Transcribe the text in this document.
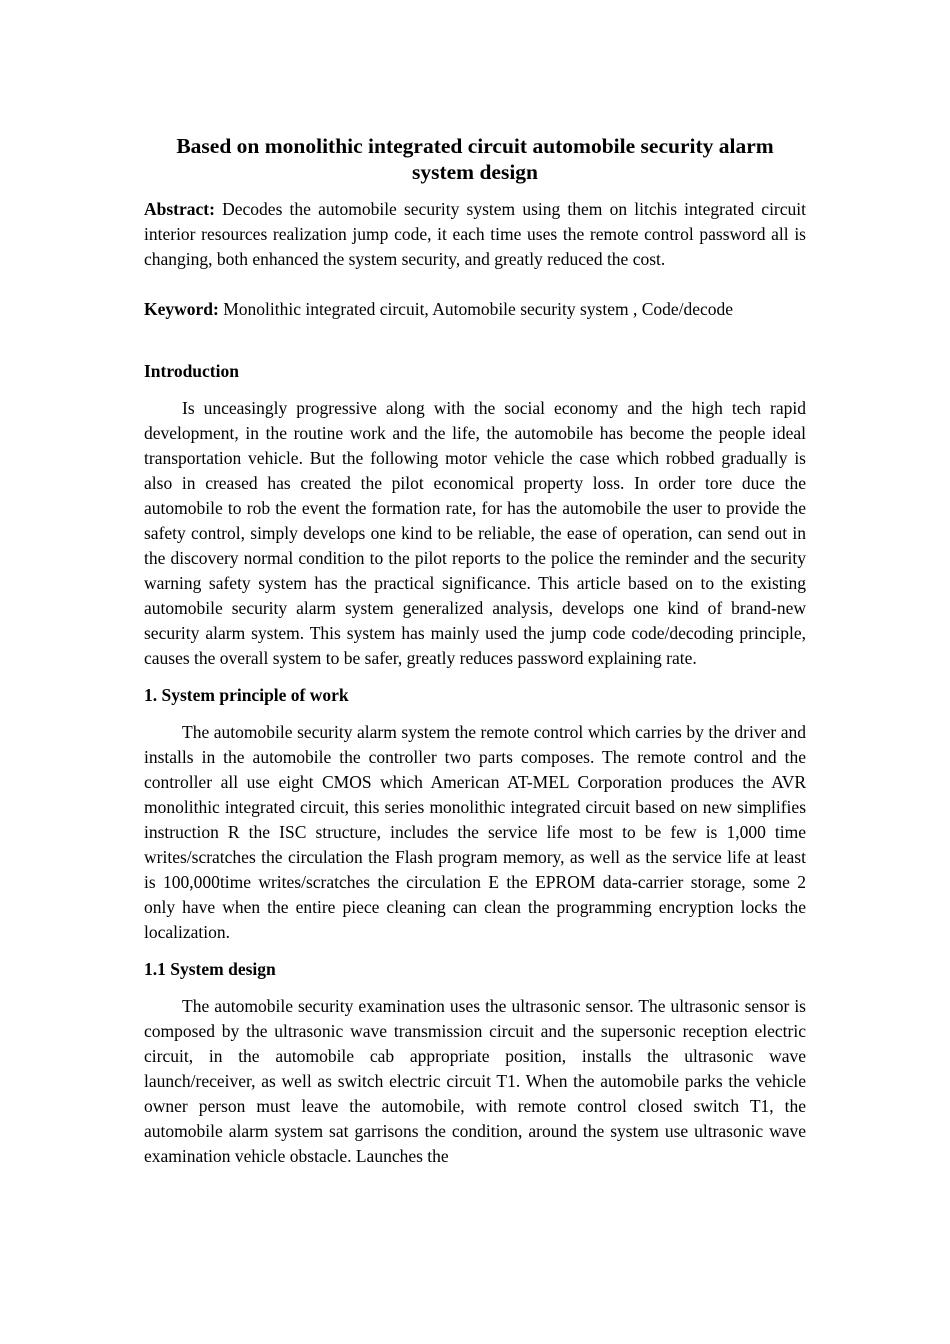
Based on monolithic integrated circuit automobile security alarm system design

Abstract: Decodes the automobile security system using them on litchis integrated circuit interior resources realization jump code, it each time uses the remote control password all is changing, both enhanced the system security, and greatly reduced the cost.

Keyword: Monolithic integrated circuit, Automobile security system , Code/decode

Introduction

Is unceasingly progressive along with the social economy and the high tech rapid development, in the routine work and the life, the automobile has become the people ideal transportation vehicle. But the following motor vehicle the case which robbed gradually is also in creased has created the pilot economical property loss. In order tore duce the automobile to rob the event the formation rate, for has the automobile the user to provide the safety control, simply develops one kind to be reliable, the ease of operation, can send out in the discovery normal condition to the pilot reports to the police the reminder and the security warning safety system has the practical significance. This article based on to the existing automobile security alarm system generalized analysis, develops one kind of brand-new security alarm system. This system has mainly used the jump code code/decoding principle, causes the overall system to be safer, greatly reduces password explaining rate.

1. System principle of work

The automobile security alarm system the remote control which carries by the driver and installs in the automobile the controller two parts composes. The remote control and the controller all use eight CMOS which American AT-MEL Corporation produces the AVR monolithic integrated circuit, this series monolithic integrated circuit based on new simplifies instruction R the ISC structure, includes the service life most to be few is 1,000 time writes/scratches the circulation the Flash program memory, as well as the service life at least is 100,000time writes/scratches the circulation E the EPROM data-carrier storage, some 2 only have when the entire piece cleaning can clean the programming encryption locks the localization.

1.1 System design

The automobile security examination uses the ultrasonic sensor. The ultrasonic sensor is composed by the ultrasonic wave transmission circuit and the supersonic reception electric circuit, in the automobile cab appropriate position, installs the ultrasonic wave launch/receiver, as well as switch electric circuit T1. When the automobile parks the vehicle owner person must leave the automobile, with remote control closed switch T1, the automobile alarm system sat garrisons the condition, around the system use ultrasonic wave examination vehicle obstacle. Launches the
